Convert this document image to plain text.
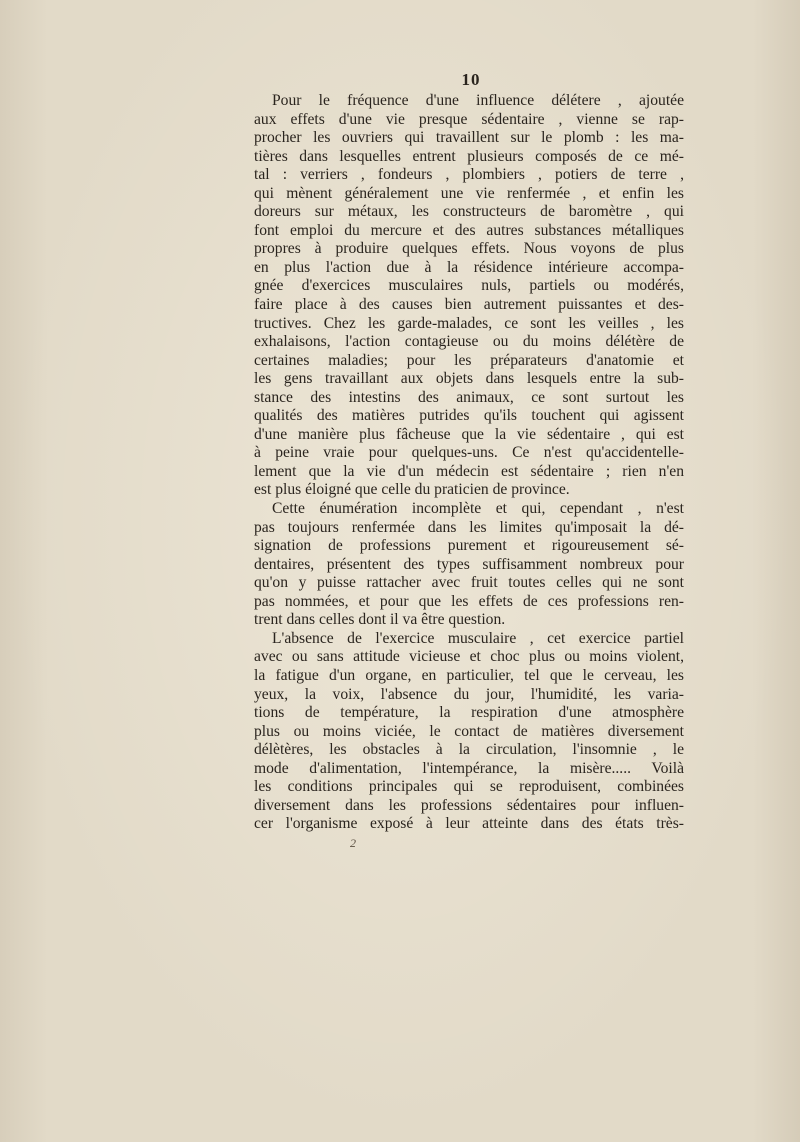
10
Pour le fréquence d'une influence délétere , ajoutée
aux effets d'une vie presque sédentaire , vienne se rap-
procher les ouvriers qui travaillent sur le plomb : les ma-
tières dans lesquelles entrent plusieurs composés de ce mé-
tal : verriers , fondeurs , plombiers , potiers de terre ,
qui mènent généralement une vie renfermée , et enfin les
doreurs sur métaux, les constructeurs de baromètre , qui
font emploi du mercure et des autres substances métalliques
propres à produire quelques effets. Nous voyons de plus
en plus l'action due à la résidence intérieure accompa-
gnée d'exercices musculaires nuls, partiels ou modérés,
faire place à des causes bien autrement puissantes et des-
tructives. Chez les garde-malades, ce sont les veilles , les
exhalaisons, l'action contagieuse ou du moins délétère de
certaines maladies; pour les préparateurs d'anatomie et
les gens travaillant aux objets dans lesquels entre la sub-
stance des intestins des animaux, ce sont surtout les
qualités des matières putrides qu'ils touchent qui agissent
d'une manière plus fâcheuse que la vie sédentaire , qui est
à peine vraie pour quelques-uns. Ce n'est qu'accidentelle-
lement que la vie d'un médecin est sédentaire ; rien n'en
est plus éloigné que celle du praticien de province.
Cette énumération incomplète et qui, cependant , n'est
pas toujours renfermée dans les limites qu'imposait la dé-
signation de professions purement et rigoureusement sé-
dentaires, présentent des types suffisamment nombreux pour
qu'on y puisse rattacher avec fruit toutes celles qui ne sont
pas nommées, et pour que les effets de ces professions ren-
trent dans celles dont il va être question.
L'absence de l'exercice musculaire , cet exercice partiel
avec ou sans attitude vicieuse et choc plus ou moins violent,
la fatigue d'un organe, en particulier, tel que le cerveau, les
yeux, la voix, l'absence du jour, l'humidité, les varia-
tions de température, la respiration d'une atmosphère
plus ou moins viciée, le contact de matières diversement
délètères, les obstacles à la circulation, l'insomnie , le
mode d'alimentation, l'intempérance, la misère..... Voilà
les conditions principales qui se reproduisent, combinées
diversement dans les professions sédentaires pour influen-
cer l'organisme exposé à leur atteinte dans des états très-
2
